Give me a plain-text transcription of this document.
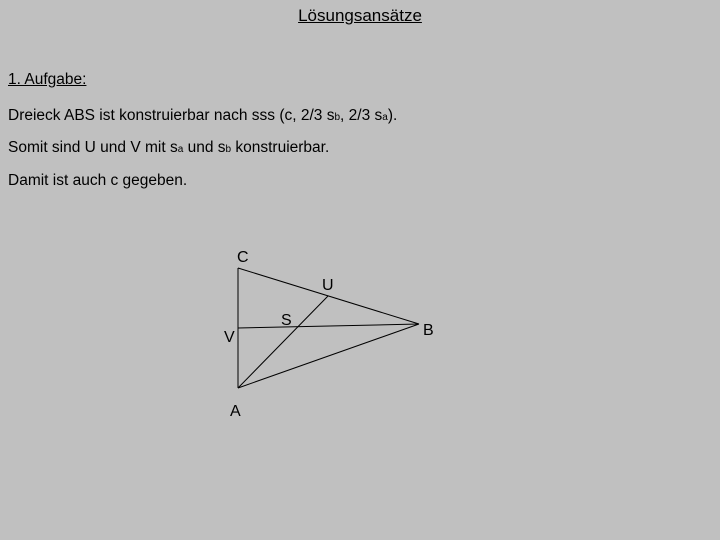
Lösungsansätze
1. Aufgabe:
Dreieck ABS ist konstruierbar nach sss (c, 2/3 sb, 2/3 sa).
Somit sind U und V mit sa und sb konstruierbar.
Damit ist auch c gegeben.
C
U
S
V
A
B
